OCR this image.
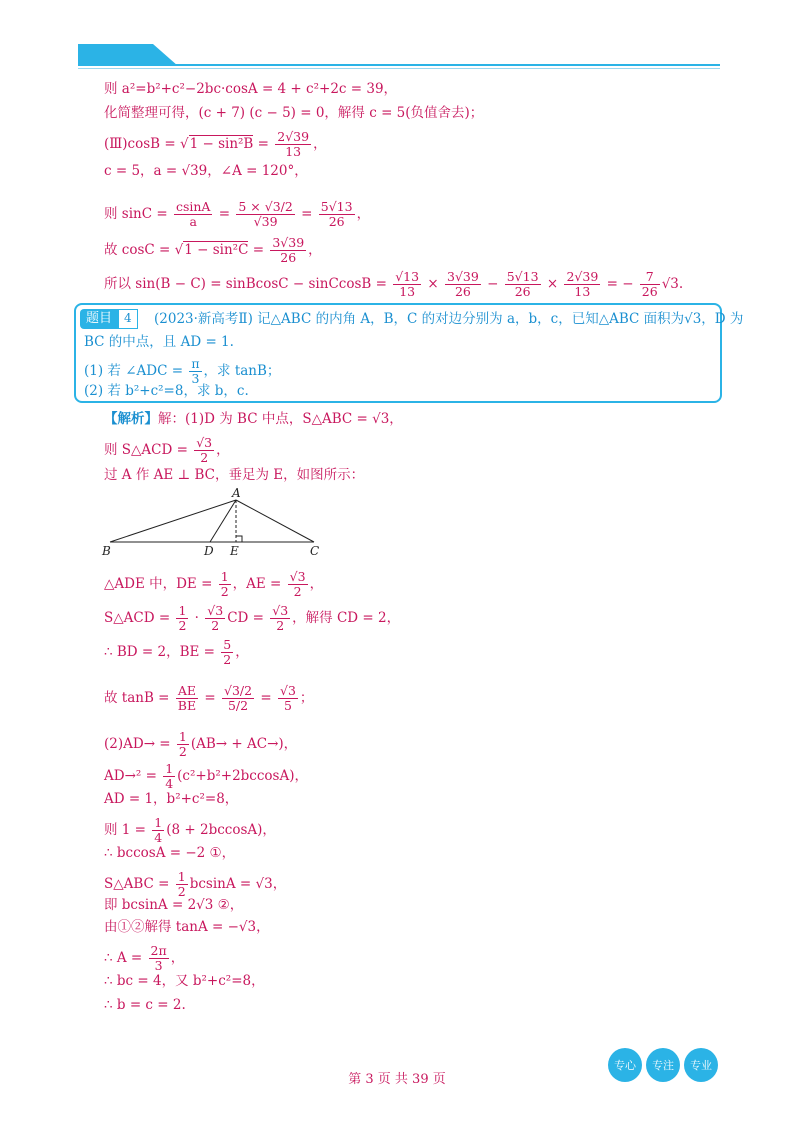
则 a²=b²+c²−2bc·cosA = 4 + c²+2c = 39，
化简整理可得，(c + 7) (c − 5) = 0，解得 c = 5(负值舍去)；
(Ⅲ)cosB = $√1 - \sin^2B = \frac{2√39}{13}$ ，
c = 5，a = √39，∠A = 120°，
则 $\sin C = \frac{csinA}{a} = \frac{5 \times √3/2}{√39} = \frac{5√13}{26}$ ，
故 $\cos C = √1 - \sin^2C = \frac{3√39}{26}$ ，
所以 sin(B − C) = sinBcosC − sinCcosB = $\frac{√13}{13} \times \frac{3√39}{26} - \frac{5√13}{26} \times \frac{2√39}{13}$ = − $\frac{7}{26} √3$.
题目	4	(2023·新高考Ⅱ) 记△ABC 的内角 A，B，C 的对边分别为 a，b，c，已知△ABC 面积为√3，D 为
BC 的中点，且 AD = 1.
(1) 若 ∠ADC = $\frac{\pi}{3}$ ，求 tanB；
(2) 若 b²+c²=8，求 b，c.
【解析】解：(1)D 为 BC 中点，S△ABC = √3，
则 S△ACD = $\frac{√3}{2}$ ，
过 A 作 AE ⊥ BC，垂足为 E，如图所示：
A
B	C
D E
△ADE 中，DE = $\frac{1}{2}$ ，AE = $\frac{√3}{2}$ ，
S△ACD = $\frac{1}{2} \cdot \frac{√3}{2}$ CD = $\frac{√3}{2}$ ，解得 CD = 2，
∴ BD = 2，BE = $\frac{5}{2}$ ，
故 $\tan B = \frac{AE}{BE} = \frac{√3/2}{5/2} = \frac{√3}{5}$ ；
$(2)AD\to = \frac{1}{2} (AB\to + AC\to)$，
$AD\to^2 = \frac{1}{4} (c^2+b^2+2bccosA)$，
AD = 1，b²+c²=8，
则 $1 = \frac{1}{4} (8 + 2bccosA)$，
∴ bccosA = −2 ①，
S△ABC = $\frac{1}{2}$ bcsinA = √3，
即 bcsinA = 2√3 ②，
由①②解得 tanA = −√3，
∴ $A = \frac{2\pi}{3}$ ，
∴ bc = 4，又 b²+c²=8，
∴ b = c = 2.
第 3 页 共 39 页
专心	专注	专业
